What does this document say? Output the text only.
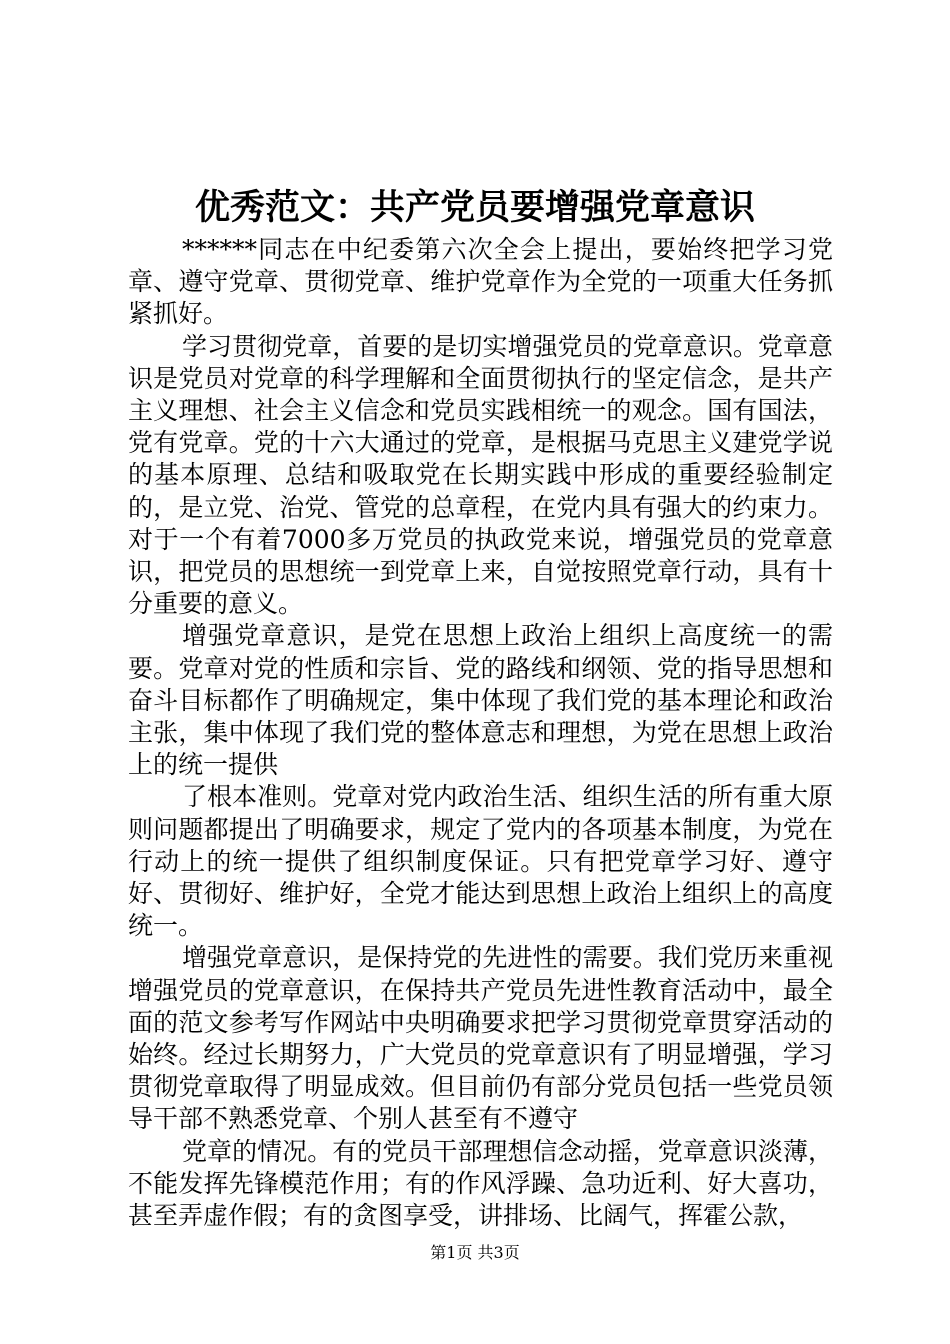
优秀范文：共产党员要增强党章意识

******同志在中纪委第六次全会上提出，要始终把学习党章、遵守党章、贯彻党章、维护党章作为全党的一项重大任务抓紧抓好。

学习贯彻党章，首要的是切实增强党员的党章意识。党章意识是党员对党章的科学理解和全面贯彻执行的坚定信念，是共产主义理想、社会主义信念和党员实践相统一的观念。国有国法，党有党章。党的十六大通过的党章，是根据马克思主义建党学说的基本原理、总结和吸取党在长期实践中形成的重要经验制定的，是立党、治党、管党的总章程，在党内具有强大的约束力。对于一个有着7000多万党员的执政党来说，增强党员的党章意识，把党员的思想统一到党章上来，自觉按照党章行动，具有十分重要的意义。

增强党章意识，是党在思想上政治上组织上高度统一的需要。党章对党的性质和宗旨、党的路线和纲领、党的指导思想和奋斗目标都作了明确规定，集中体现了我们党的基本理论和政治主张，集中体现了我们党的整体意志和理想，为党在思想上政治上的统一提供

了根本准则。党章对党内政治生活、组织生活的所有重大原则问题都提出了明确要求，规定了党内的各项基本制度，为党在行动上的统一提供了组织制度保证。只有把党章学习好、遵守好、贯彻好、维护好，全党才能达到思想上政治上组织上的高度统一。

增强党章意识，是保持党的先进性的需要。我们党历来重视增强党员的党章意识，在保持共产党员先进性教育活动中，最全面的范文参考写作网站中央明确要求把学习贯彻党章贯穿活动的始终。经过长期努力，广大党员的党章意识有了明显增强，学习贯彻党章取得了明显成效。但目前仍有部分党员包括一些党员领导干部不熟悉党章、个别人甚至有不遵守

党章的情况。有的党员干部理想信念动摇，党章意识淡薄，不能发挥先锋模范作用；有的作风浮躁、急功近利、好大喜功，甚至弄虚作假；有的贪图享受，讲排场、比阔气，挥霍公款，

第1页 共3页
